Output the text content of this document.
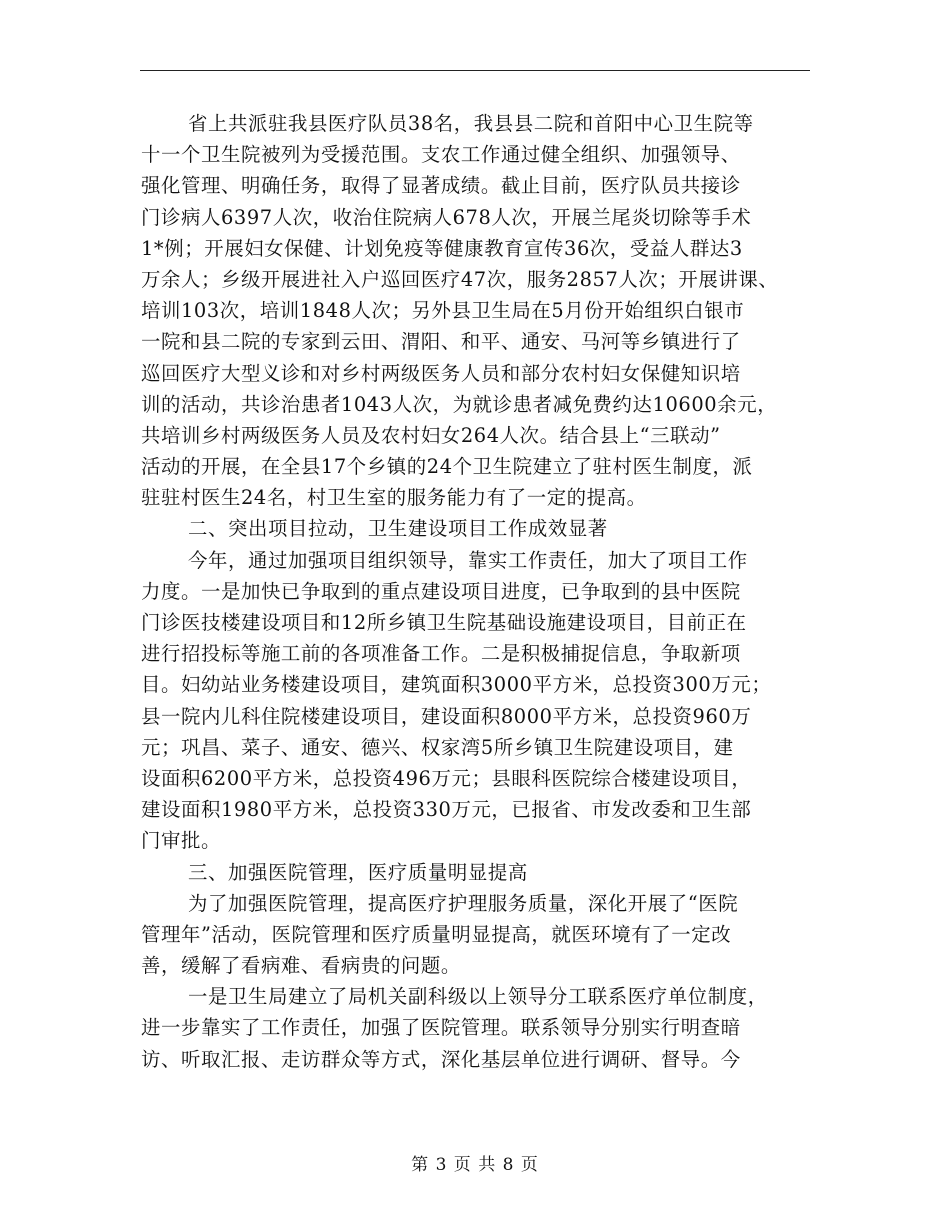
省上共派驻我县医疗队员38名，我县县二院和首阳中心卫生院等
十一个卫生院被列为受援范围。支农工作通过健全组织、加强领导、
强化管理、明确任务，取得了显著成绩。截止目前，医疗队员共接诊
门诊病人6397人次，收治住院病人678人次，开展兰尾炎切除等手术
1*例；开展妇女保健、计划免疫等健康教育宣传36次，受益人群达3
万余人；乡级开展进社入户巡回医疗47次，服务2857人次；开展讲课、
培训103次，培训1848人次；另外县卫生局在5月份开始组织白银市
一院和县二院的专家到云田、渭阳、和平、通安、马河等乡镇进行了
巡回医疗大型义诊和对乡村两级医务人员和部分农村妇女保健知识培
训的活动，共诊治患者1043人次，为就诊患者减免费约达10600余元，
共培训乡村两级医务人员及农村妇女264人次。结合县上“三联动”
活动的开展，在全县17个乡镇的24个卫生院建立了驻村医生制度，派
驻驻村医生24名，村卫生室的服务能力有了一定的提高。
二、突出项目拉动，卫生建设项目工作成效显著
今年，通过加强项目组织领导，靠实工作责任，加大了项目工作
力度。一是加快已争取到的重点建设项目进度，已争取到的县中医院
门诊医技楼建设项目和12所乡镇卫生院基础设施建设项目，目前正在
进行招投标等施工前的各项准备工作。二是积极捕捉信息，争取新项
目。妇幼站业务楼建设项目，建筑面积3000平方米，总投资300万元；
县一院内儿科住院楼建设项目，建设面积8000平方米，总投资960万
元；巩昌、菜子、通安、德兴、权家湾5所乡镇卫生院建设项目，建
设面积6200平方米，总投资496万元；县眼科医院综合楼建设项目，
建设面积1980平方米，总投资330万元，已报省、市发改委和卫生部
门审批。
三、加强医院管理，医疗质量明显提高
为了加强医院管理，提高医疗护理服务质量，深化开展了“医院
管理年”活动，医院管理和医疗质量明显提高，就医环境有了一定改
善，缓解了看病难、看病贵的问题。
一是卫生局建立了局机关副科级以上领导分工联系医疗单位制度，
进一步靠实了工作责任，加强了医院管理。联系领导分别实行明查暗
访、听取汇报、走访群众等方式，深化基层单位进行调研、督导。今
第 3 页 共 8 页
